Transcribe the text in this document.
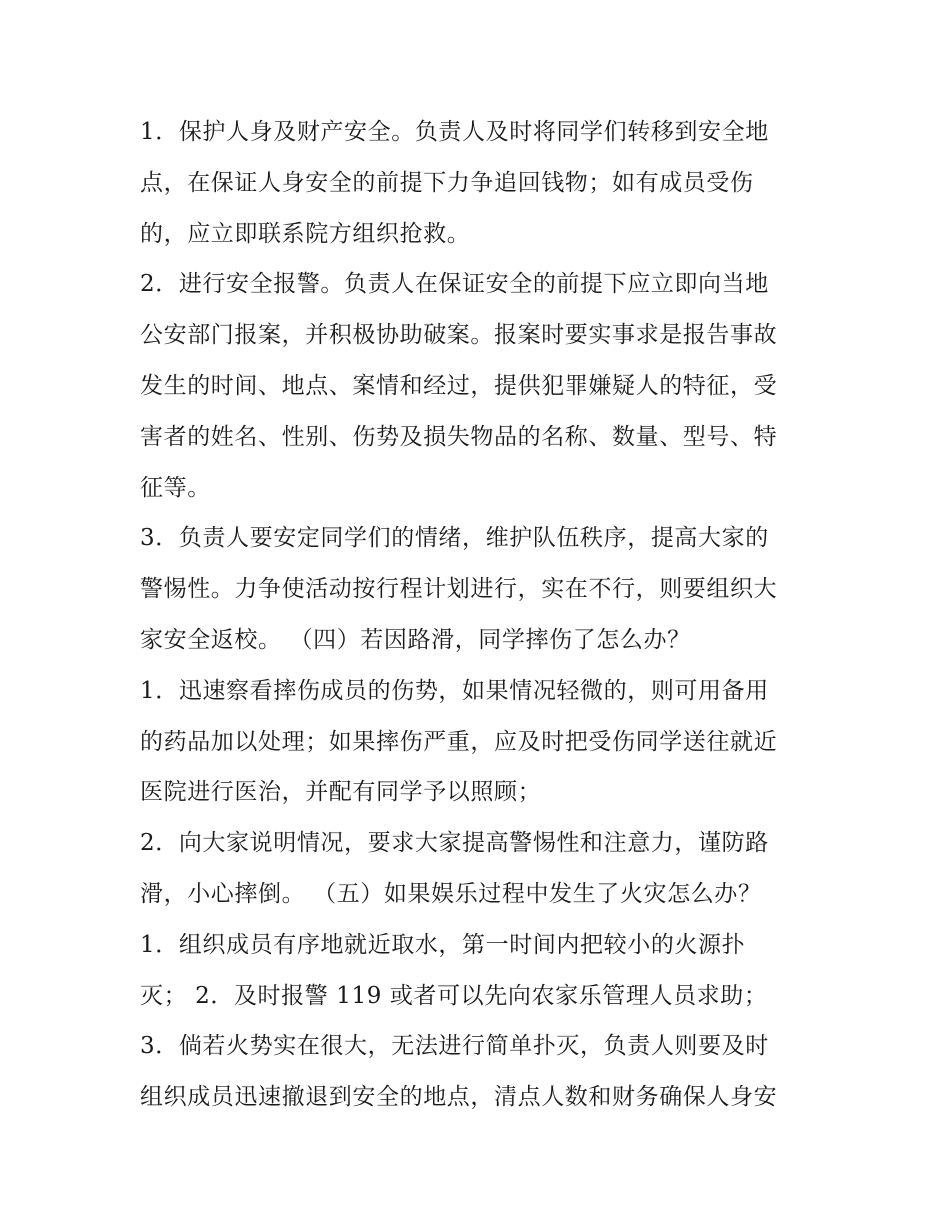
1．保护人身及财产安全。负责人及时将同学们转移到安全地
点，在保证人身安全的前提下力争追回钱物；如有成员受伤
的，应立即联系院方组织抢救。
2．进行安全报警。负责人在保证安全的前提下应立即向当地
公安部门报案，并积极协助破案。报案时要实事求是报告事故
发生的时间、地点、案情和经过，提供犯罪嫌疑人的特征，受
害者的姓名、性别、伤势及损失物品的名称、数量、型号、特
征等。
3．负责人要安定同学们的情绪，维护队伍秩序，提高大家的
警惕性。力争使活动按行程计划进行，实在不行，则要组织大
家安全返校。 （四）若因路滑，同学摔伤了怎么办？
1．迅速察看摔伤成员的伤势，如果情况轻微的，则可用备用
的药品加以处理；如果摔伤严重，应及时把受伤同学送往就近
医院进行医治，并配有同学予以照顾；
2．向大家说明情况，要求大家提高警惕性和注意力，谨防路
滑，小心摔倒。 （五）如果娱乐过程中发生了火灾怎么办？
1．组织成员有序地就近取水，第一时间内把较小的火源扑
灭； 2．及时报警 119 或者可以先向农家乐管理人员求助；
3．倘若火势实在很大，无法进行简单扑灭，负责人则要及时
组织成员迅速撤退到安全的地点，清点人数和财务确保人身安
